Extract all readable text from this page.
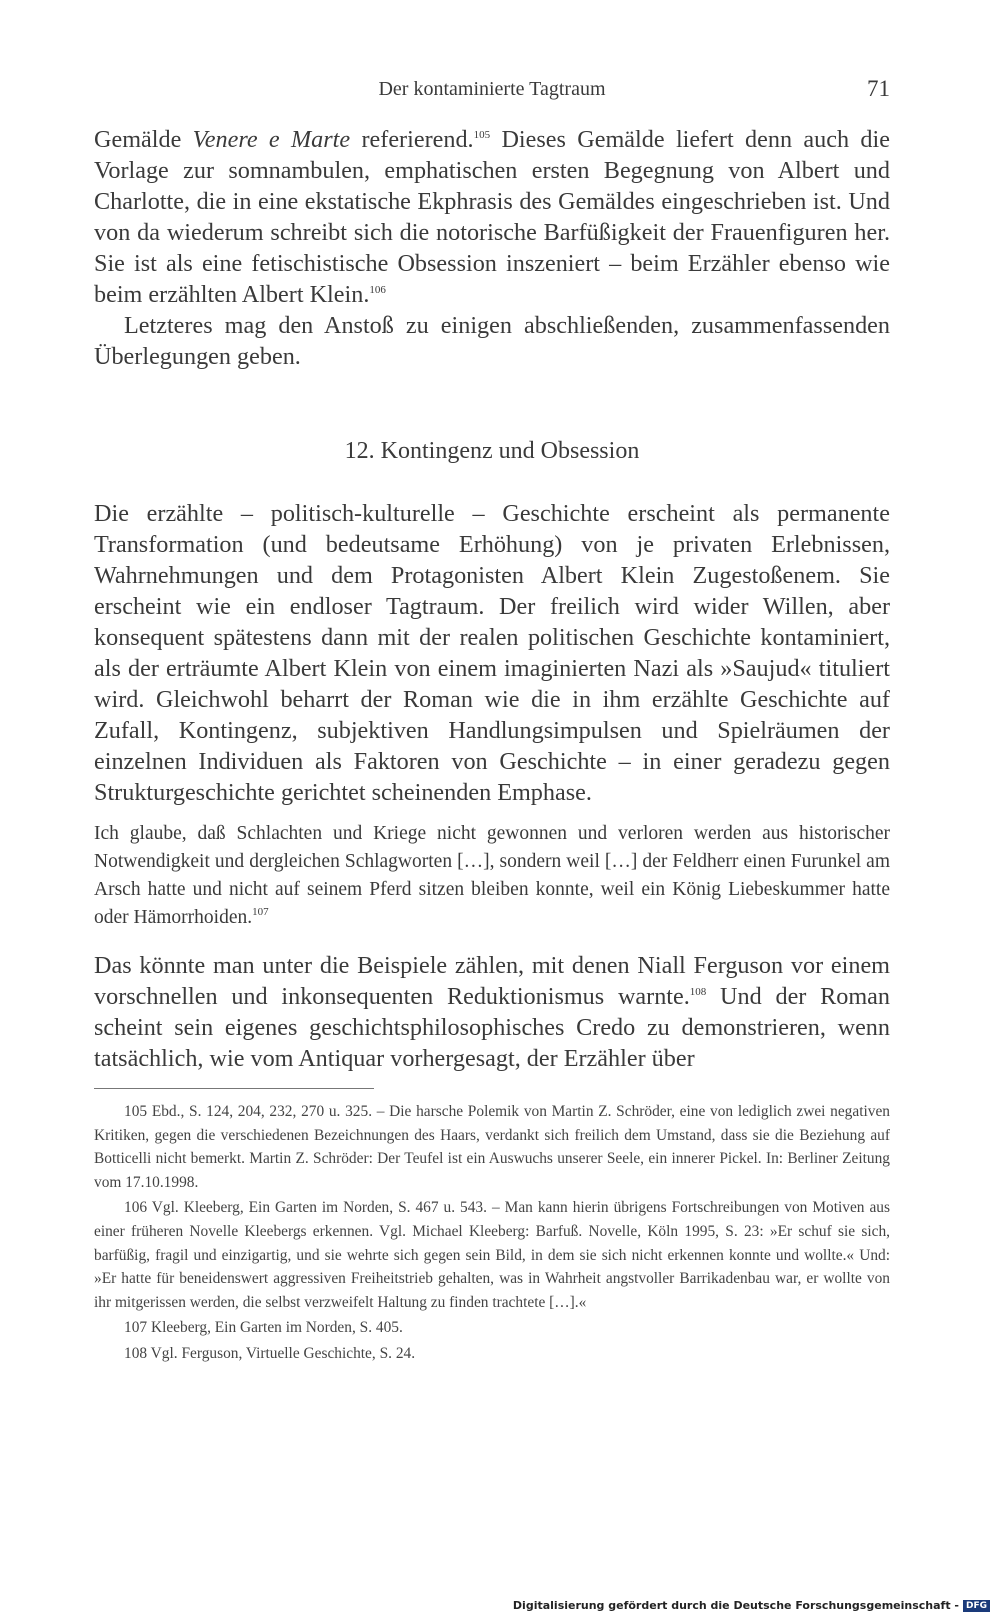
Der kontaminierte Tagtraum	71

Gemälde Venere e Marte referierend.$^{105}$ Dieses Gemälde liefert denn auch die Vorlage zur somnambulen, emphatischen ersten Begegnung von Albert und Charlotte, die in eine ekstatische Ekphrasis des Gemäldes eingeschrieben ist. Und von da wiederum schreibt sich die notorische Barfüßigkeit der Frauenfiguren her. Sie ist als eine fetischistische Obsession inszeniert – beim Erzähler ebenso wie beim erzählten Albert Klein.$^{106}$

Letzteres mag den Anstoß zu einigen abschließenden, zusammenfassenden Überlegungen geben.

12. Kontingenz und Obsession

Die erzählte – politisch-kulturelle – Geschichte erscheint als permanente Transformation (und bedeutsame Erhöhung) von je privaten Erlebnissen, Wahrnehmungen und dem Protagonisten Albert Klein Zugestoßenem. Sie erscheint wie ein endloser Tagtraum. Der freilich wird wider Willen, aber konsequent spätestens dann mit der realen politischen Geschichte kontaminiert, als der erträumte Albert Klein von einem imaginierten Nazi als »Saujud« tituliert wird. Gleichwohl beharrt der Roman wie die in ihm erzählte Geschichte auf Zufall, Kontingenz, subjektiven Handlungsimpulsen und Spielräumen der einzelnen Individuen als Faktoren von Geschichte – in einer geradezu gegen Strukturgeschichte gerichtet scheinenden Emphase.

Ich glaube, daß Schlachten und Kriege nicht gewonnen und verloren werden aus historischer Notwendigkeit und dergleichen Schlagworten […], sondern weil […] der Feldherr einen Furunkel am Arsch hatte und nicht auf seinem Pferd sitzen bleiben konnte, weil ein König Liebeskummer hatte oder Hämorrhoiden.$^{107}$

Das könnte man unter die Beispiele zählen, mit denen Niall Ferguson vor einem vorschnellen und inkonsequenten Reduktionismus warnte.$^{108}$ Und der Roman scheint sein eigenes geschichtsphilosophisches Credo zu demonstrieren, wenn tatsächlich, wie vom Antiquar vorhergesagt, der Erzähler über

105 Ebd., S. 124, 204, 232, 270 u. 325. – Die harsche Polemik von Martin Z. Schröder, eine von lediglich zwei negativen Kritiken, gegen die verschiedenen Bezeichnungen des Haars, verdankt sich freilich dem Umstand, dass sie die Beziehung auf Botticelli nicht bemerkt. Martin Z. Schröder: Der Teufel ist ein Auswuchs unserer Seele, ein innerer Pickel. In: Berliner Zeitung vom 17.10.1998.

106 Vgl. Kleeberg, Ein Garten im Norden, S. 467 u. 543. – Man kann hierin übrigens Fortschreibungen von Motiven aus einer früheren Novelle Kleebergs erkennen. Vgl. Michael Kleeberg: Barfuß. Novelle, Köln 1995, S. 23: »Er schuf sie sich, barfüßig, fragil und einzigartig, und sie wehrte sich gegen sein Bild, in dem sie sich nicht erkennen konnte und wollte.« Und: »Er hatte für beneidenswert aggressiven Freiheitstrieb gehalten, was in Wahrheit angstvoller Barrikadenbau war, er wollte von ihr mitgerissen werden, die selbst verzweifelt Haltung zu finden trachtete […].«

107 Kleeberg, Ein Garten im Norden, S. 405.

108 Vgl. Ferguson, Virtuelle Geschichte, S. 24.

Digitalisierung gefördert durch die Deutsche Forschungsgemeinschaft - DFG
